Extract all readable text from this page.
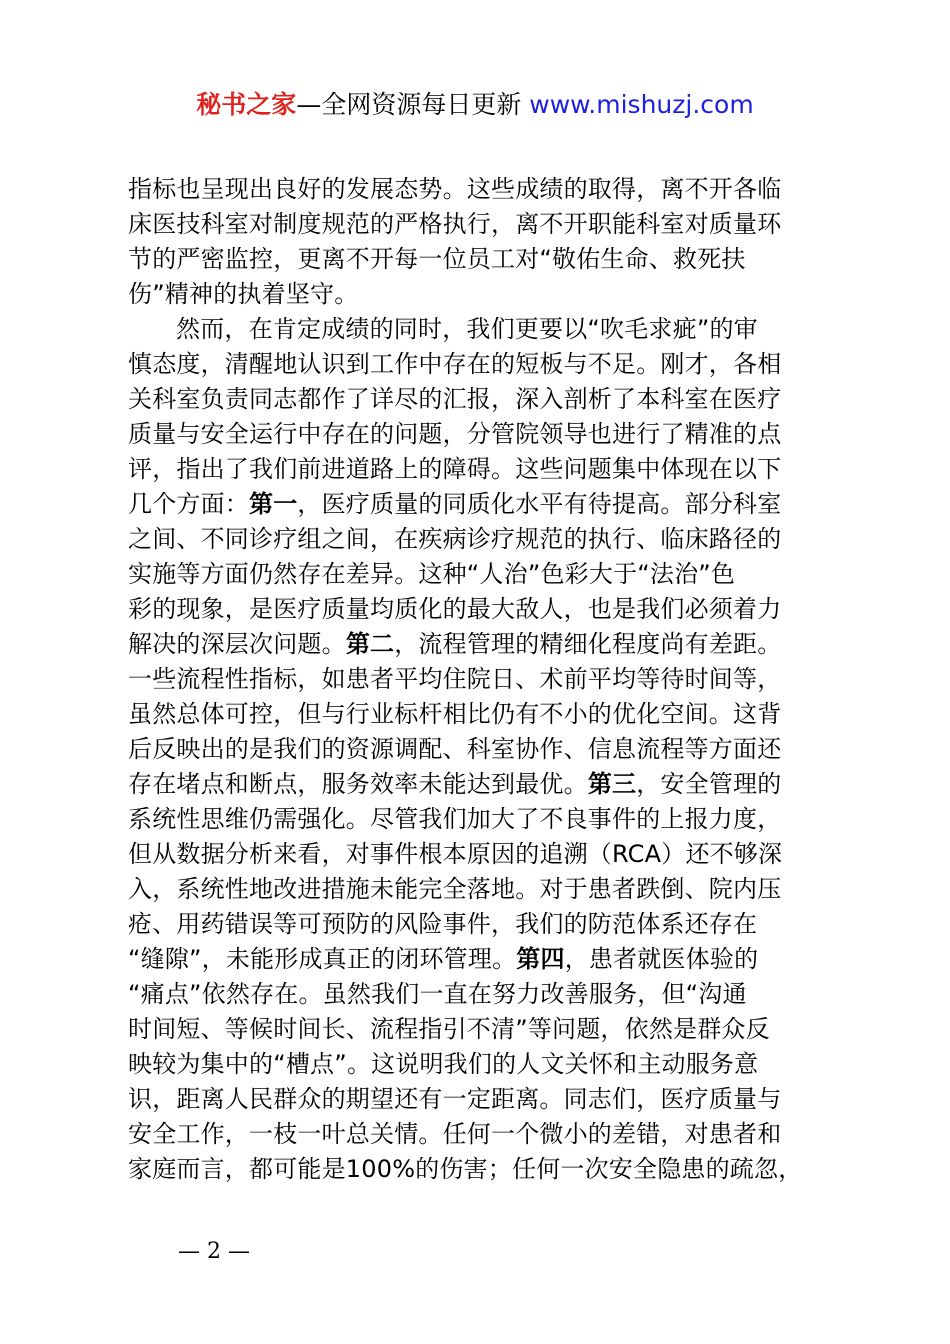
秘书之家—全网资源每日更新 www.mishuzj.com
指标也呈现出良好的发展态势。这些成绩的取得，离不开各临
床医技科室对制度规范的严格执行，离不开职能科室对质量环
节的严密监控，更离不开每一位员工对“敬佑生命、救死扶
伤”精神的执着坚守。
然而，在肯定成绩的同时，我们更要以“吹毛求疵”的审
慎态度，清醒地认识到工作中存在的短板与不足。刚才，各相
关科室负责同志都作了详尽的汇报，深入剖析了本科室在医疗
质量与安全运行中存在的问题，分管院领导也进行了精准的点
评，指出了我们前进道路上的障碍。这些问题集中体现在以下
几个方面：第一，医疗质量的同质化水平有待提高。部分科室
之间、不同诊疗组之间，在疾病诊疗规范的执行、临床路径的
实施等方面仍然存在差异。这种“人治”色彩大于“法治”色
彩的现象，是医疗质量均质化的最大敌人，也是我们必须着力
解决的深层次问题。第二，流程管理的精细化程度尚有差距。
一些流程性指标，如患者平均住院日、术前平均等待时间等，
虽然总体可控，但与行业标杆相比仍有不小的优化空间。这背
后反映出的是我们的资源调配、科室协作、信息流程等方面还
存在堵点和断点，服务效率未能达到最优。第三，安全管理的
系统性思维仍需强化。尽管我们加大了不良事件的上报力度，
但从数据分析来看，对事件根本原因的追溯（RCA）还不够深
入，系统性地改进措施未能完全落地。对于患者跌倒、院内压
疮、用药错误等可预防的风险事件，我们的防范体系还存在
“缝隙”，未能形成真正的闭环管理。第四，患者就医体验的
“痛点”依然存在。虽然我们一直在努力改善服务，但“沟通
时间短、等候时间长、流程指引不清”等问题，依然是群众反
映较为集中的“槽点”。这说明我们的人文关怀和主动服务意
识，距离人民群众的期望还有一定距离。同志们，医疗质量与
安全工作，一枝一叶总关情。任何一个微小的差错，对患者和
家庭而言，都可能是100%的伤害；任何一次安全隐患的疏忽，
— 2 —
